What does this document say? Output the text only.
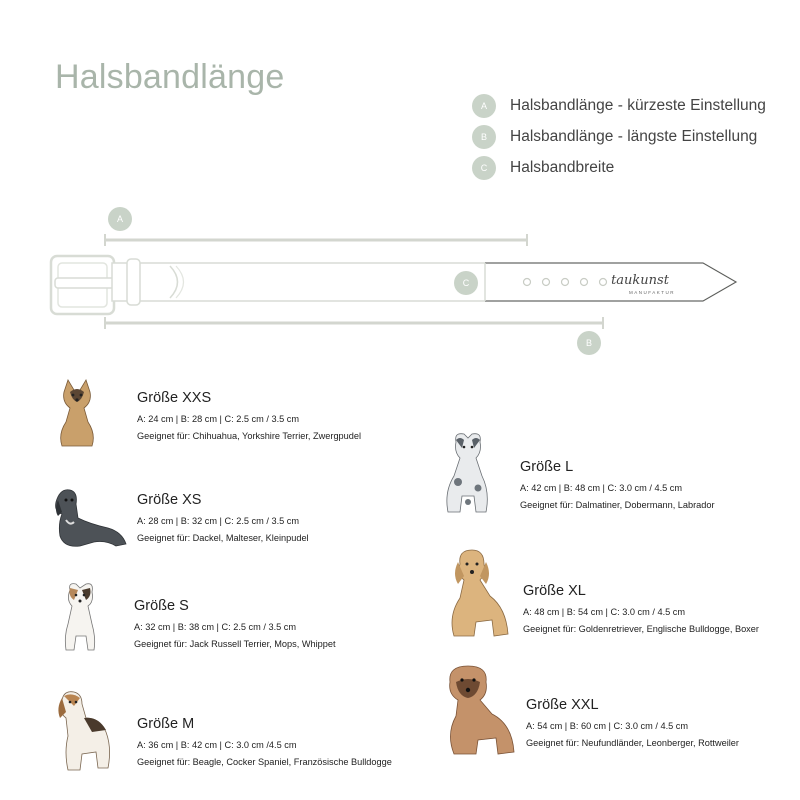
Halsbandlänge
A	Halsbandlänge - kürzeste Einstellung
B	Halsbandlänge - längste Einstellung
C	Halsbandbreite
A
B
taukunst
MANUFAKTUR
C
Größe XXS
A: 24 cm | B: 28 cm | C: 2.5 cm / 3.5 cm
Geeignet für: Chihuahua, Yorkshire Terrier, Zwergpudel
Größe XS
A: 28 cm | B: 32 cm | C: 2.5 cm / 3.5 cm
Geeignet für: Dackel, Malteser, Kleinpudel
Größe S
A: 32 cm | B: 38 cm | C: 2.5 cm / 3.5 cm
Geeignet für: Jack Russell Terrier, Mops, Whippet
Größe M
A: 36 cm | B: 42 cm | C: 3.0 cm /4.5 cm
Geeignet für: Beagle, Cocker Spaniel, Französische Bulldogge
Größe L
A: 42 cm | B: 48 cm | C: 3.0 cm / 4.5 cm
Geeignet für: Dalmatiner, Dobermann, Labrador
Größe XL
A: 48 cm | B: 54 cm | C: 3.0 cm / 4.5 cm
Geeignet für: Goldenretriever, Englische Bulldogge, Boxer
Größe XXL
A: 54 cm | B: 60 cm | C: 3.0 cm / 4.5 cm
Geeignet für: Neufundländer, Leonberger, Rottweiler
